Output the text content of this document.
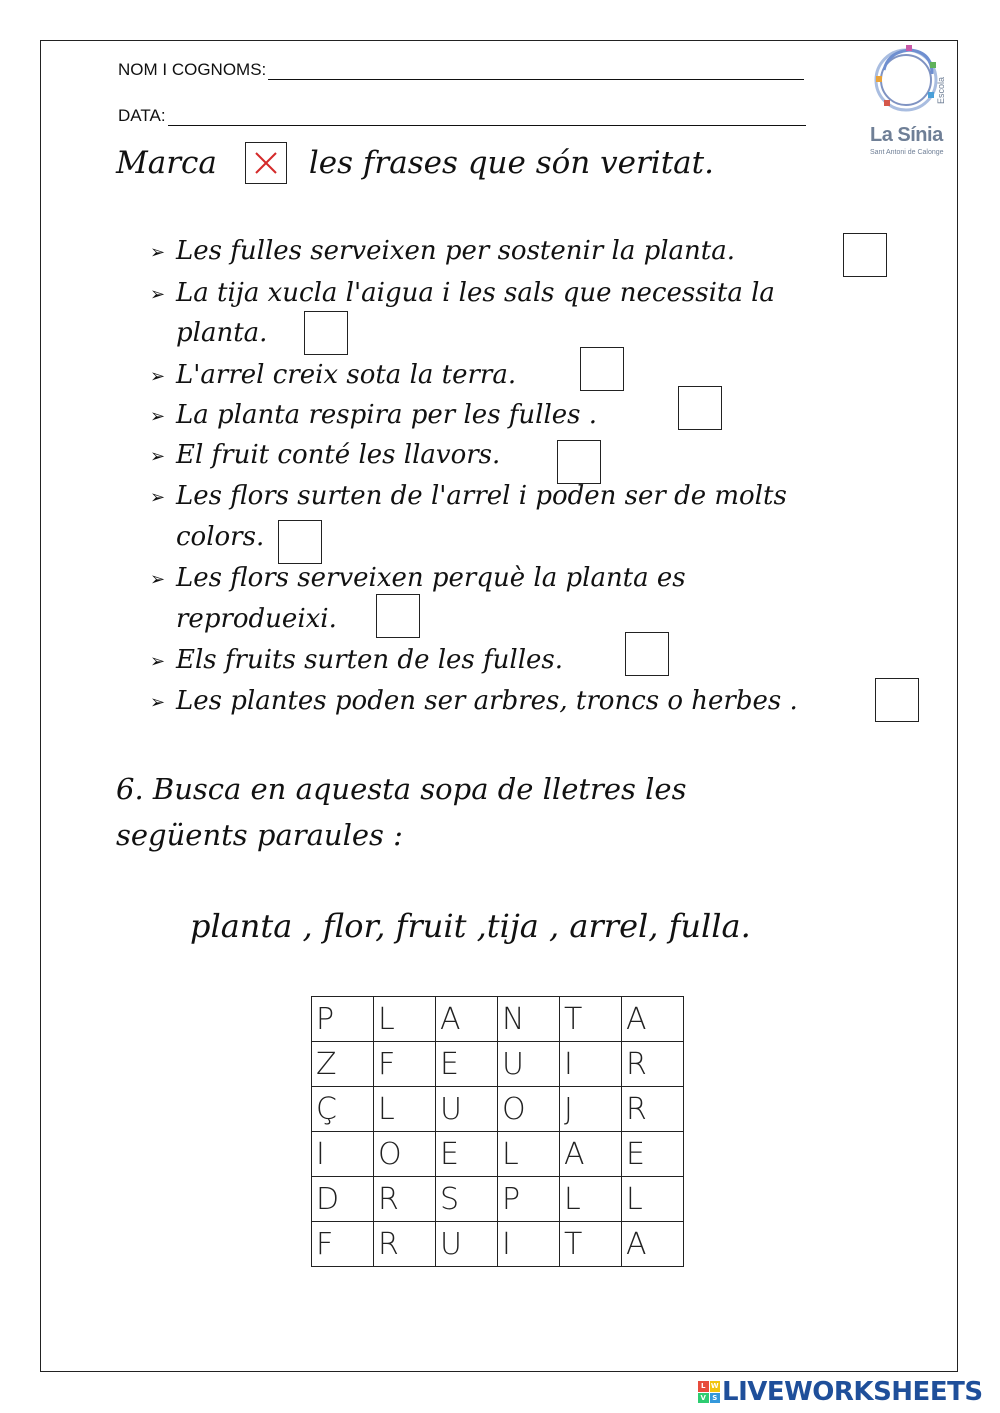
NOM I COGNOMS:
DATA:
Escola
La Sínia
Sant Antoni de Calonge
Marca	les frases que són veritat.
➢ Les fulles serveixen per sostenir la planta.
➢ La tija xucla l'aigua i les sals que necessita la
planta.
➢ L'arrel creix sota la terra.
➢ La planta respira per les fulles .
➢ El fruit conté les llavors.
➢ Les flors surten de l'arrel i poden ser de molts
colors.
➢ Les flors serveixen perquè la planta es
reprodueixi.
➢ Els fruits surten de les fulles.
➢ Les plantes poden ser arbres, troncs o herbes .
6. Busca en aquesta sopa de lletres les
següents paraules :
planta , flor, fruit ,tija , arrel, fulla.
P	L	A	N	T	A
Z	F	E	U	I	R
Ç	L	U	O	J	R
I	O	E	L	A	E
D	R	S	P	L	L
F	R	U	I	T	A
L W
V S LIVEWORKSHEETS
